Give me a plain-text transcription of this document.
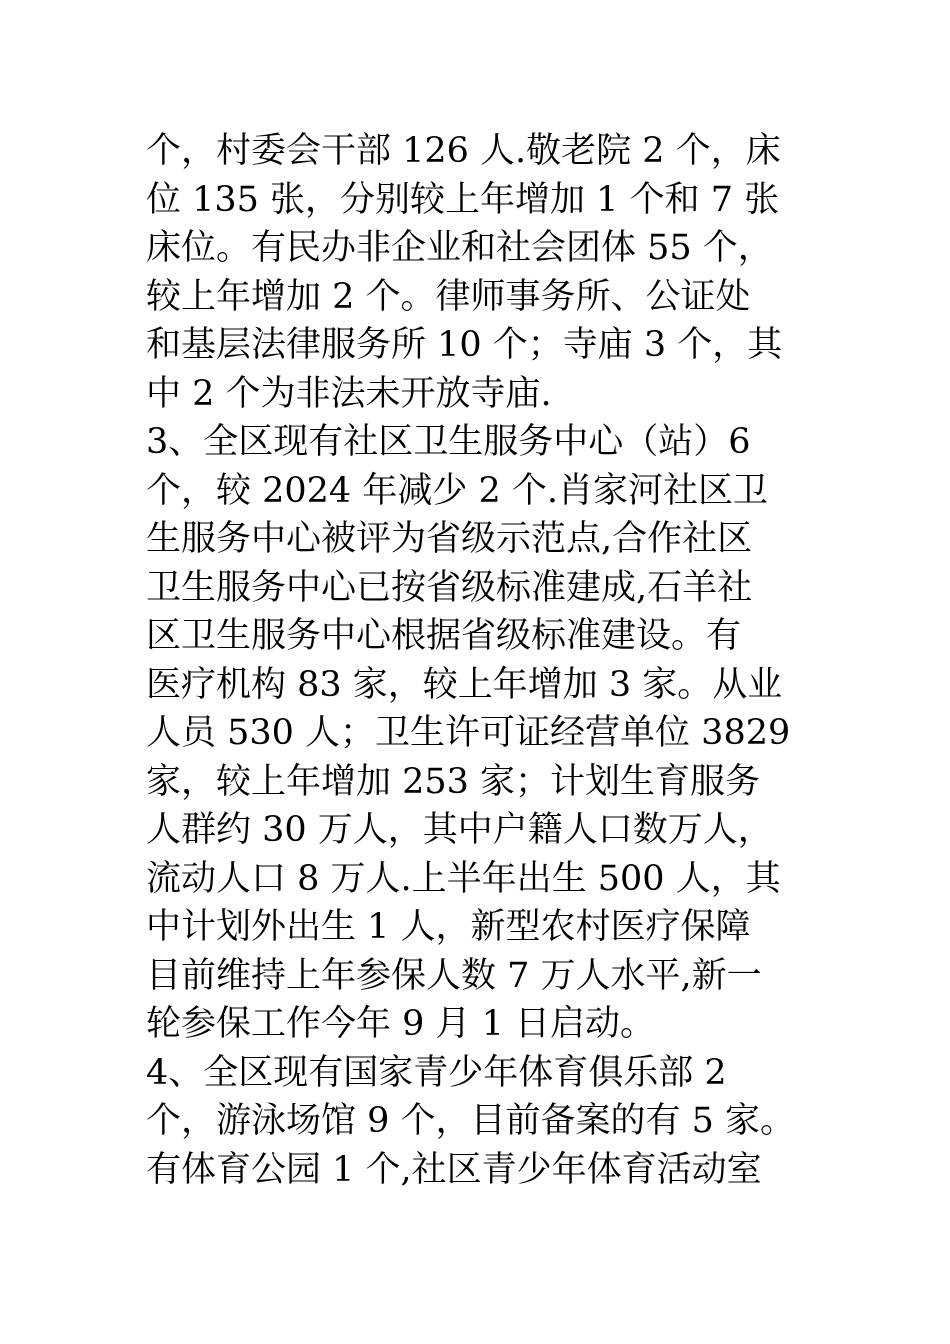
个，村委会干部 126 人.敬老院 2 个，床
位 135 张，分别较上年增加 1 个和 7 张
床位。有民办非企业和社会团体 55 个，
较上年增加 2 个。律师事务所、公证处
和基层法律服务所 10 个；寺庙 3 个，其
中 2 个为非法未开放寺庙.
3、全区现有社区卫生服务中心（站）6
个，较 2024 年减少 2 个.肖家河社区卫
生服务中心被评为省级示范点,合作社区
卫生服务中心已按省级标准建成,石羊社
区卫生服务中心根据省级标准建设。有
医疗机构 83 家，较上年增加 3 家。从业
人员 530 人；卫生许可证经营单位 3829
家，较上年增加 253 家；计划生育服务
人群约 30 万人，其中户籍人口数万人，
流动人口 8 万人.上半年出生 500 人，其
中计划外出生 1 人，新型农村医疗保障
目前维持上年参保人数 7 万人水平,新一
轮参保工作今年 9 月 1 日启动。
4、全区现有国家青少年体育俱乐部 2
个，游泳场馆 9 个，目前备案的有 5 家。
有体育公园 1 个,社区青少年体育活动室
